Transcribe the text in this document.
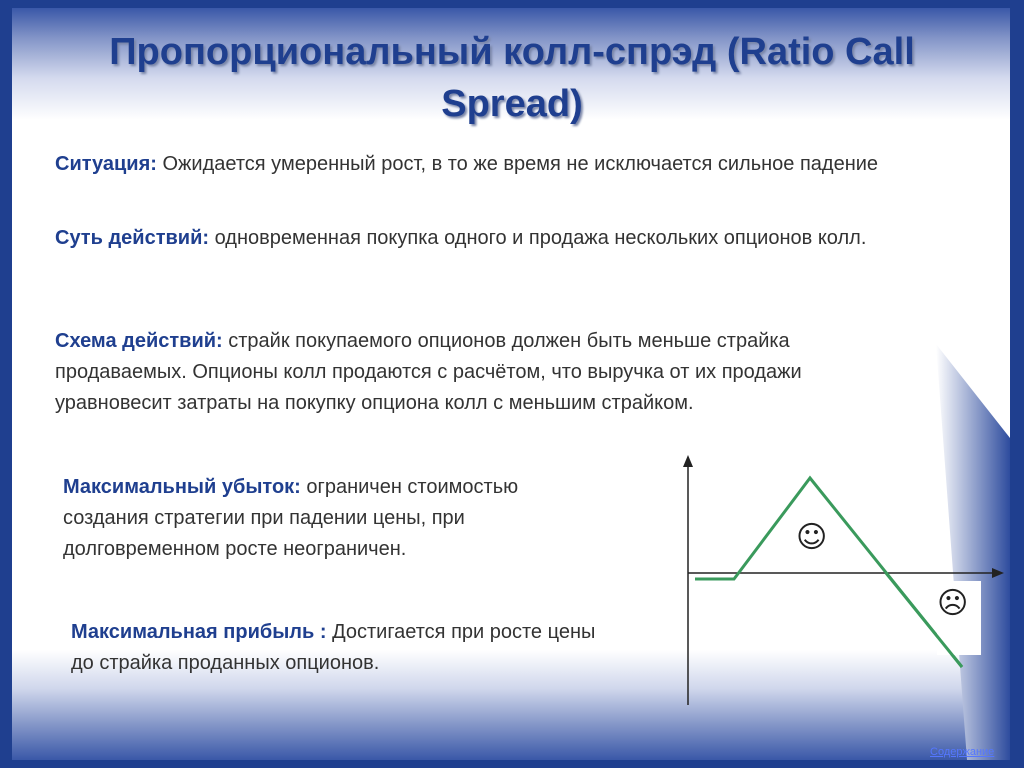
Пропорциональный колл-спрэд (Ratio Call Spread)
Ситуация: Ожидается умеренный рост, в то же время не исключается сильное падение
Суть действий: одновременная покупка одного и продажа нескольких опционов колл.
Схема действий: страйк покупаемого опционов должен быть меньше страйка продаваемых. Опционы колл продаются с расчётом, что выручка от их продажи уравновесит затраты на покупку опциона колл с меньшим страйком.
Максимальный убыток: ограничен стоимостью создания стратегии при падении цены, при долговременном росте неограничен.
Максимальная прибыль : Достигается при росте цены до страйка проданных опционов.
☺
☹
Содержание
